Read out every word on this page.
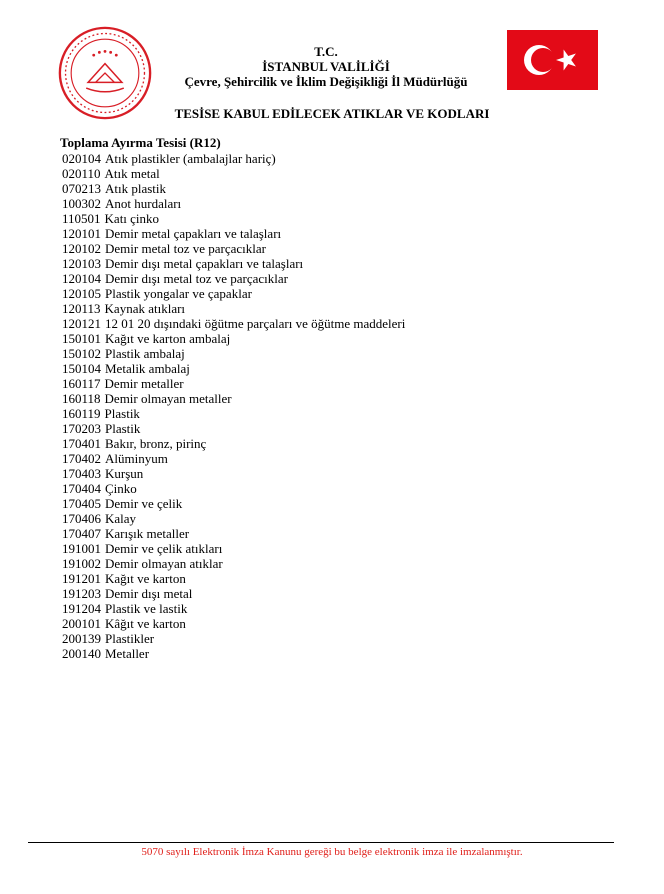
T.C.
İSTANBUL VALİLİĞİ
Çevre, Şehircilik ve İklim Değişikliği İl Müdürlüğü
TESİSE KABUL EDİLECEK ATIKLAR VE KODLARI
Toplama Ayırma Tesisi (R12)
020104 Atık plastikler (ambalajlar hariç)
020110 Atık metal
070213 Atık plastik
100302 Anot hurdaları
110501 Katı çinko
120101 Demir metal çapakları ve talaşları
120102 Demir metal toz ve parçacıklar
120103 Demir dışı metal çapakları ve talaşları
120104 Demir dışı metal toz ve parçacıklar
120105 Plastik yongalar ve çapaklar
120113 Kaynak atıkları
120121 12 01 20 dışındaki öğütme parçaları ve öğütme maddeleri
150101 Kağıt ve karton ambalaj
150102 Plastik ambalaj
150104 Metalik ambalaj
160117 Demir metaller
160118 Demir olmayan metaller
160119 Plastik
170203 Plastik
170401 Bakır, bronz, pirinç
170402 Alüminyum
170403 Kurşun
170404 Çinko
170405 Demir ve çelik
170406 Kalay
170407 Karışık metaller
191001 Demir ve çelik atıkları
191002 Demir olmayan atıklar
191201 Kağıt ve karton
191203 Demir dışı metal
191204 Plastik ve lastik
200101 Kâğıt ve karton
200139 Plastikler
200140 Metaller
5070 sayılı Elektronik İmza Kanunu gereği bu belge elektronik imza ile imzalanmıştır.
